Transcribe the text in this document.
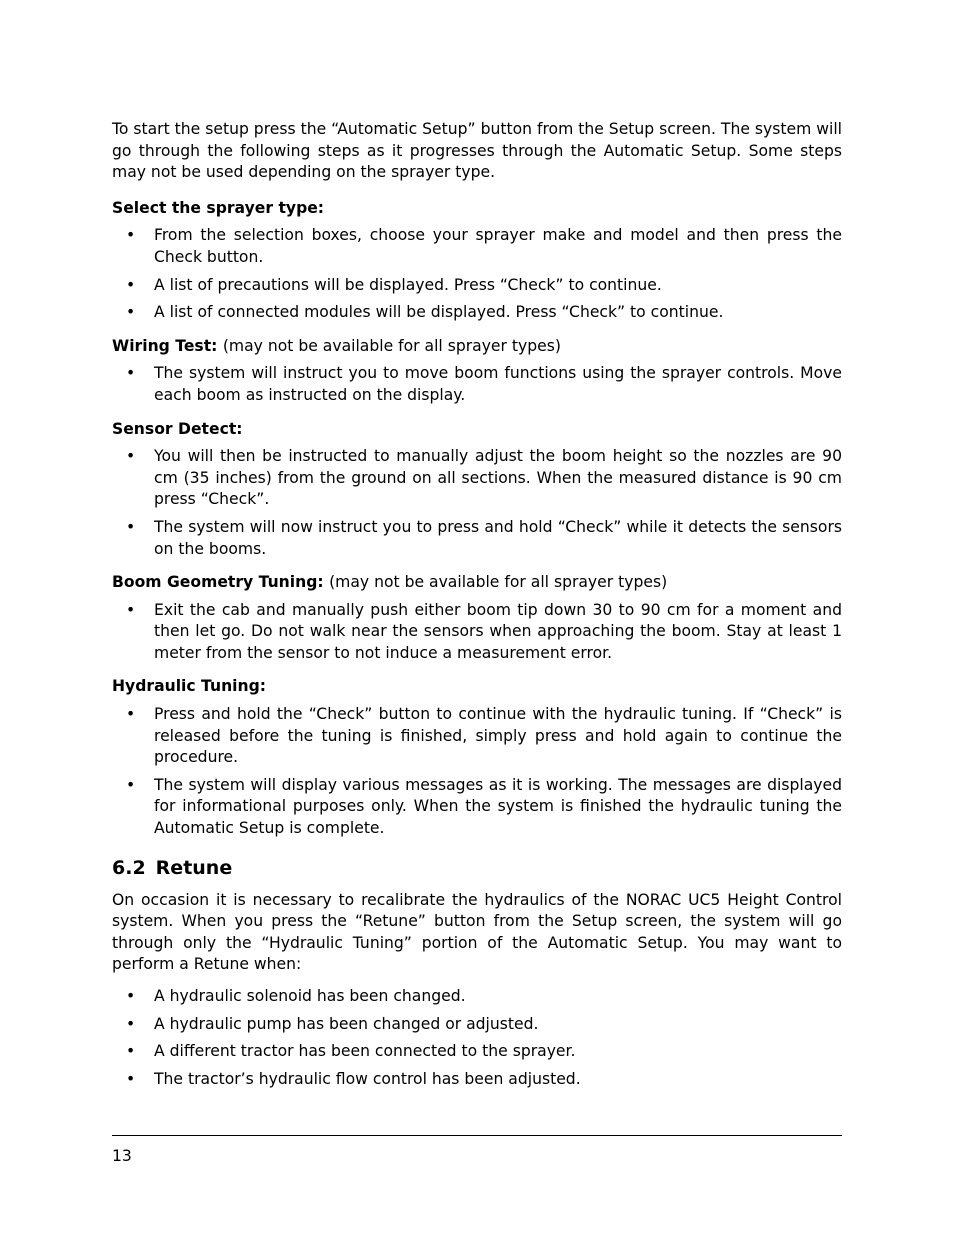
To start the setup press the “Automatic Setup” button from the Setup screen. The system will go through the following steps as it progresses through the Automatic Setup. Some steps may not be used depending on the sprayer type.

Select the sprayer type:

• From the selection boxes, choose your sprayer make and model and then press the Check button.
• A list of precautions will be displayed. Press “Check” to continue.
• A list of connected modules will be displayed. Press “Check” to continue.

Wiring Test: (may not be available for all sprayer types)

• The system will instruct you to move boom functions using the sprayer controls. Move each boom as instructed on the display.

Sensor Detect:

• You will then be instructed to manually adjust the boom height so the nozzles are 90 cm (35 inches) from the ground on all sections. When the measured distance is 90 cm press “Check”.
• The system will now instruct you to press and hold “Check” while it detects the sensors on the booms.

Boom Geometry Tuning: (may not be available for all sprayer types)

• Exit the cab and manually push either boom tip down 30 to 90 cm for a moment and then let go. Do not walk near the sensors when approaching the boom. Stay at least 1 meter from the sensor to not induce a measurement error.

Hydraulic Tuning:

• Press and hold the “Check” button to continue with the hydraulic tuning. If “Check” is released before the tuning is finished, simply press and hold again to continue the procedure.
• The system will display various messages as it is working. The messages are displayed for informational purposes only. When the system is finished the hydraulic tuning the Automatic Setup is complete.
6.2 Retune

On occasion it is necessary to recalibrate the hydraulics of the NORAC UC5 Height Control system. When you press the “Retune” button from the Setup screen, the system will go through only the “Hydraulic Tuning” portion of the Automatic Setup. You may want to perform a Retune when:

• A hydraulic solenoid has been changed.
• A hydraulic pump has been changed or adjusted.
• A different tractor has been connected to the sprayer.
• The tractor’s hydraulic flow control has been adjusted.
13
